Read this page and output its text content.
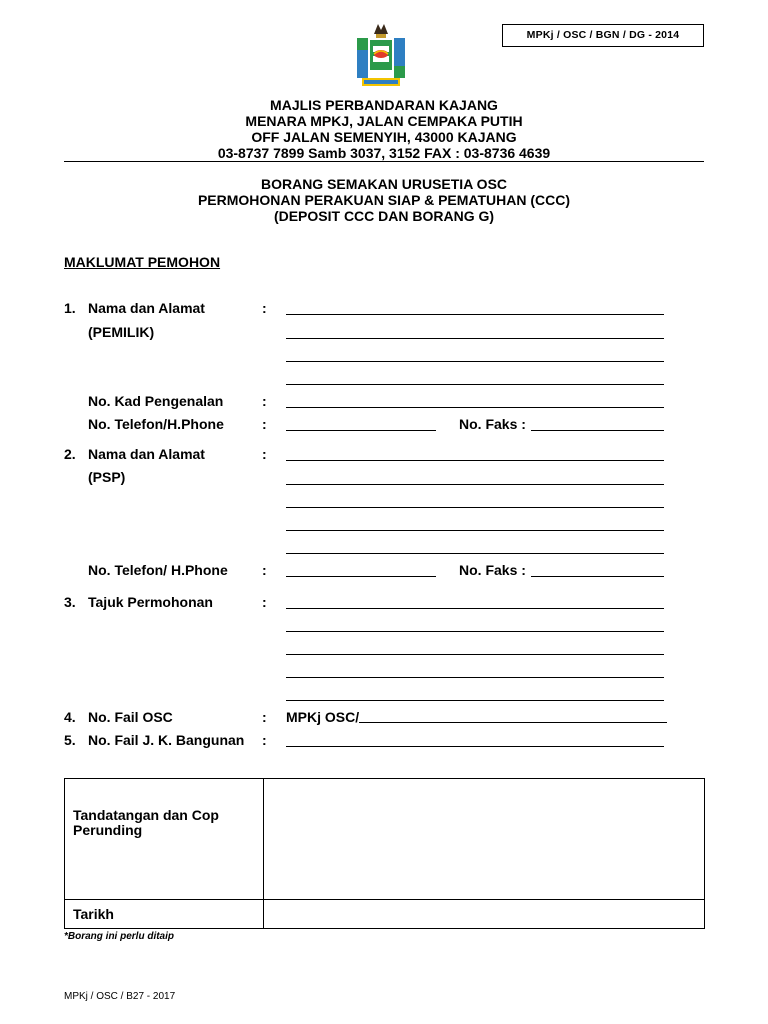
MPKj / OSC / BGN / DG - 2014
MAJLIS PERBANDARAN KAJANG
MENARA MPKJ, JALAN CEMPAKA PUTIH
OFF JALAN SEMENYIH, 43000 KAJANG
03-8737 7899 Samb 3037, 3152 FAX : 03-8736 4639
BORANG SEMAKAN URUSETIA OSC
PERMOHONAN PERAKUAN SIAP & PEMATUHAN (CCC)
(DEPOSIT CCC DAN BORANG G)
MAKLUMAT PEMOHON
1. Nama dan Alamat	:
(PEMILIK)
No. Kad Pengenalan	:
No. Telefon/H.Phone	:	No. Faks :
2. Nama dan Alamat	:
(PSP)
No. Telefon/ H.Phone :	No. Faks :
3. Tajuk Permohonan	:
4. No. Fail OSC	: MPKj OSC/
5. No. Fail J. K. Bangunan :
Tandatangan dan Cop Perunding	

Tarikh	

*Borang ini perlu ditaip
MPKj / OSC / B27 - 2017
